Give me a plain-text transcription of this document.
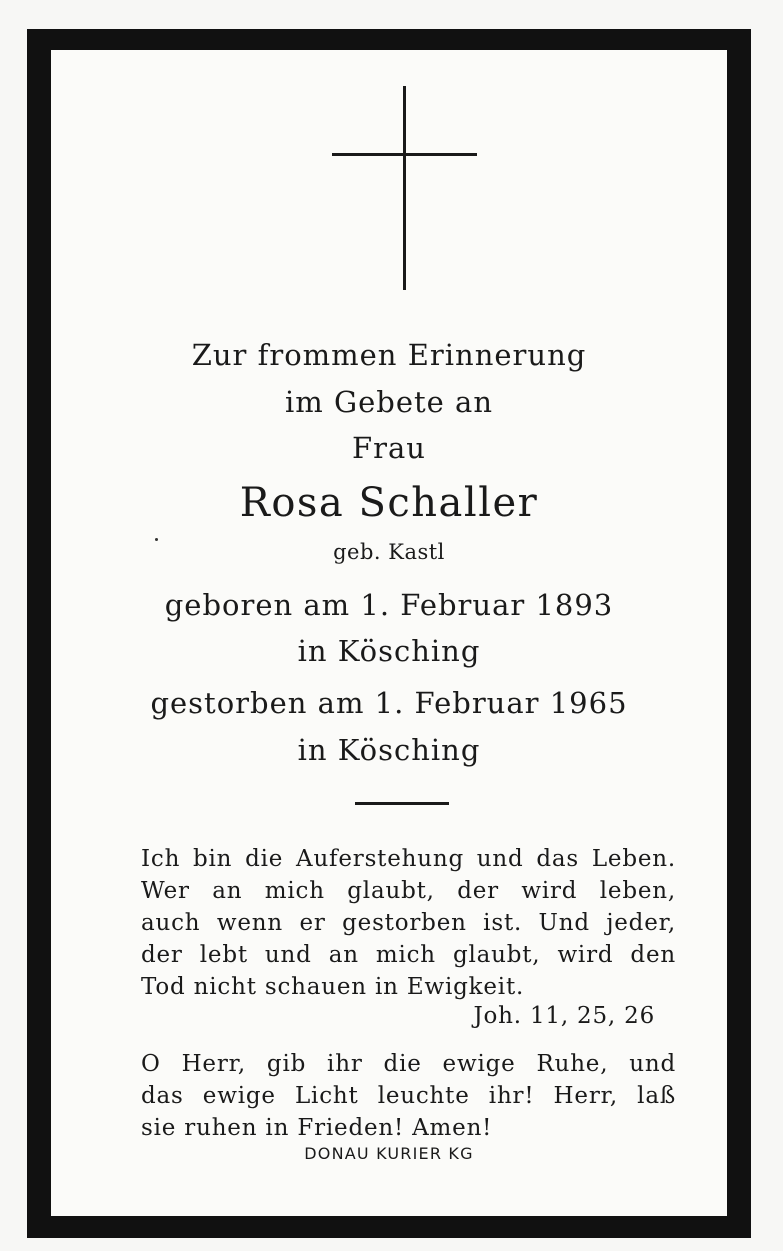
Zur frommen Erinnerung
im Gebete an
Frau
Rosa Schaller
geb. Kastl
geboren am 1. Februar 1893
in Kösching
gestorben am 1. Februar 1965
in Kösching
Ich bin die Auferstehung und das Leben.
Wer an mich glaubt, der wird leben,
auch wenn er gestorben ist. Und jeder,
der lebt und an mich glaubt, wird den
Tod nicht schauen in Ewigkeit.
Joh. 11, 25, 26
O Herr, gib ihr die ewige Ruhe, und
das ewige Licht leuchte ihr! Herr, laß
sie ruhen in Frieden! Amen!
DONAU KURIER KG
